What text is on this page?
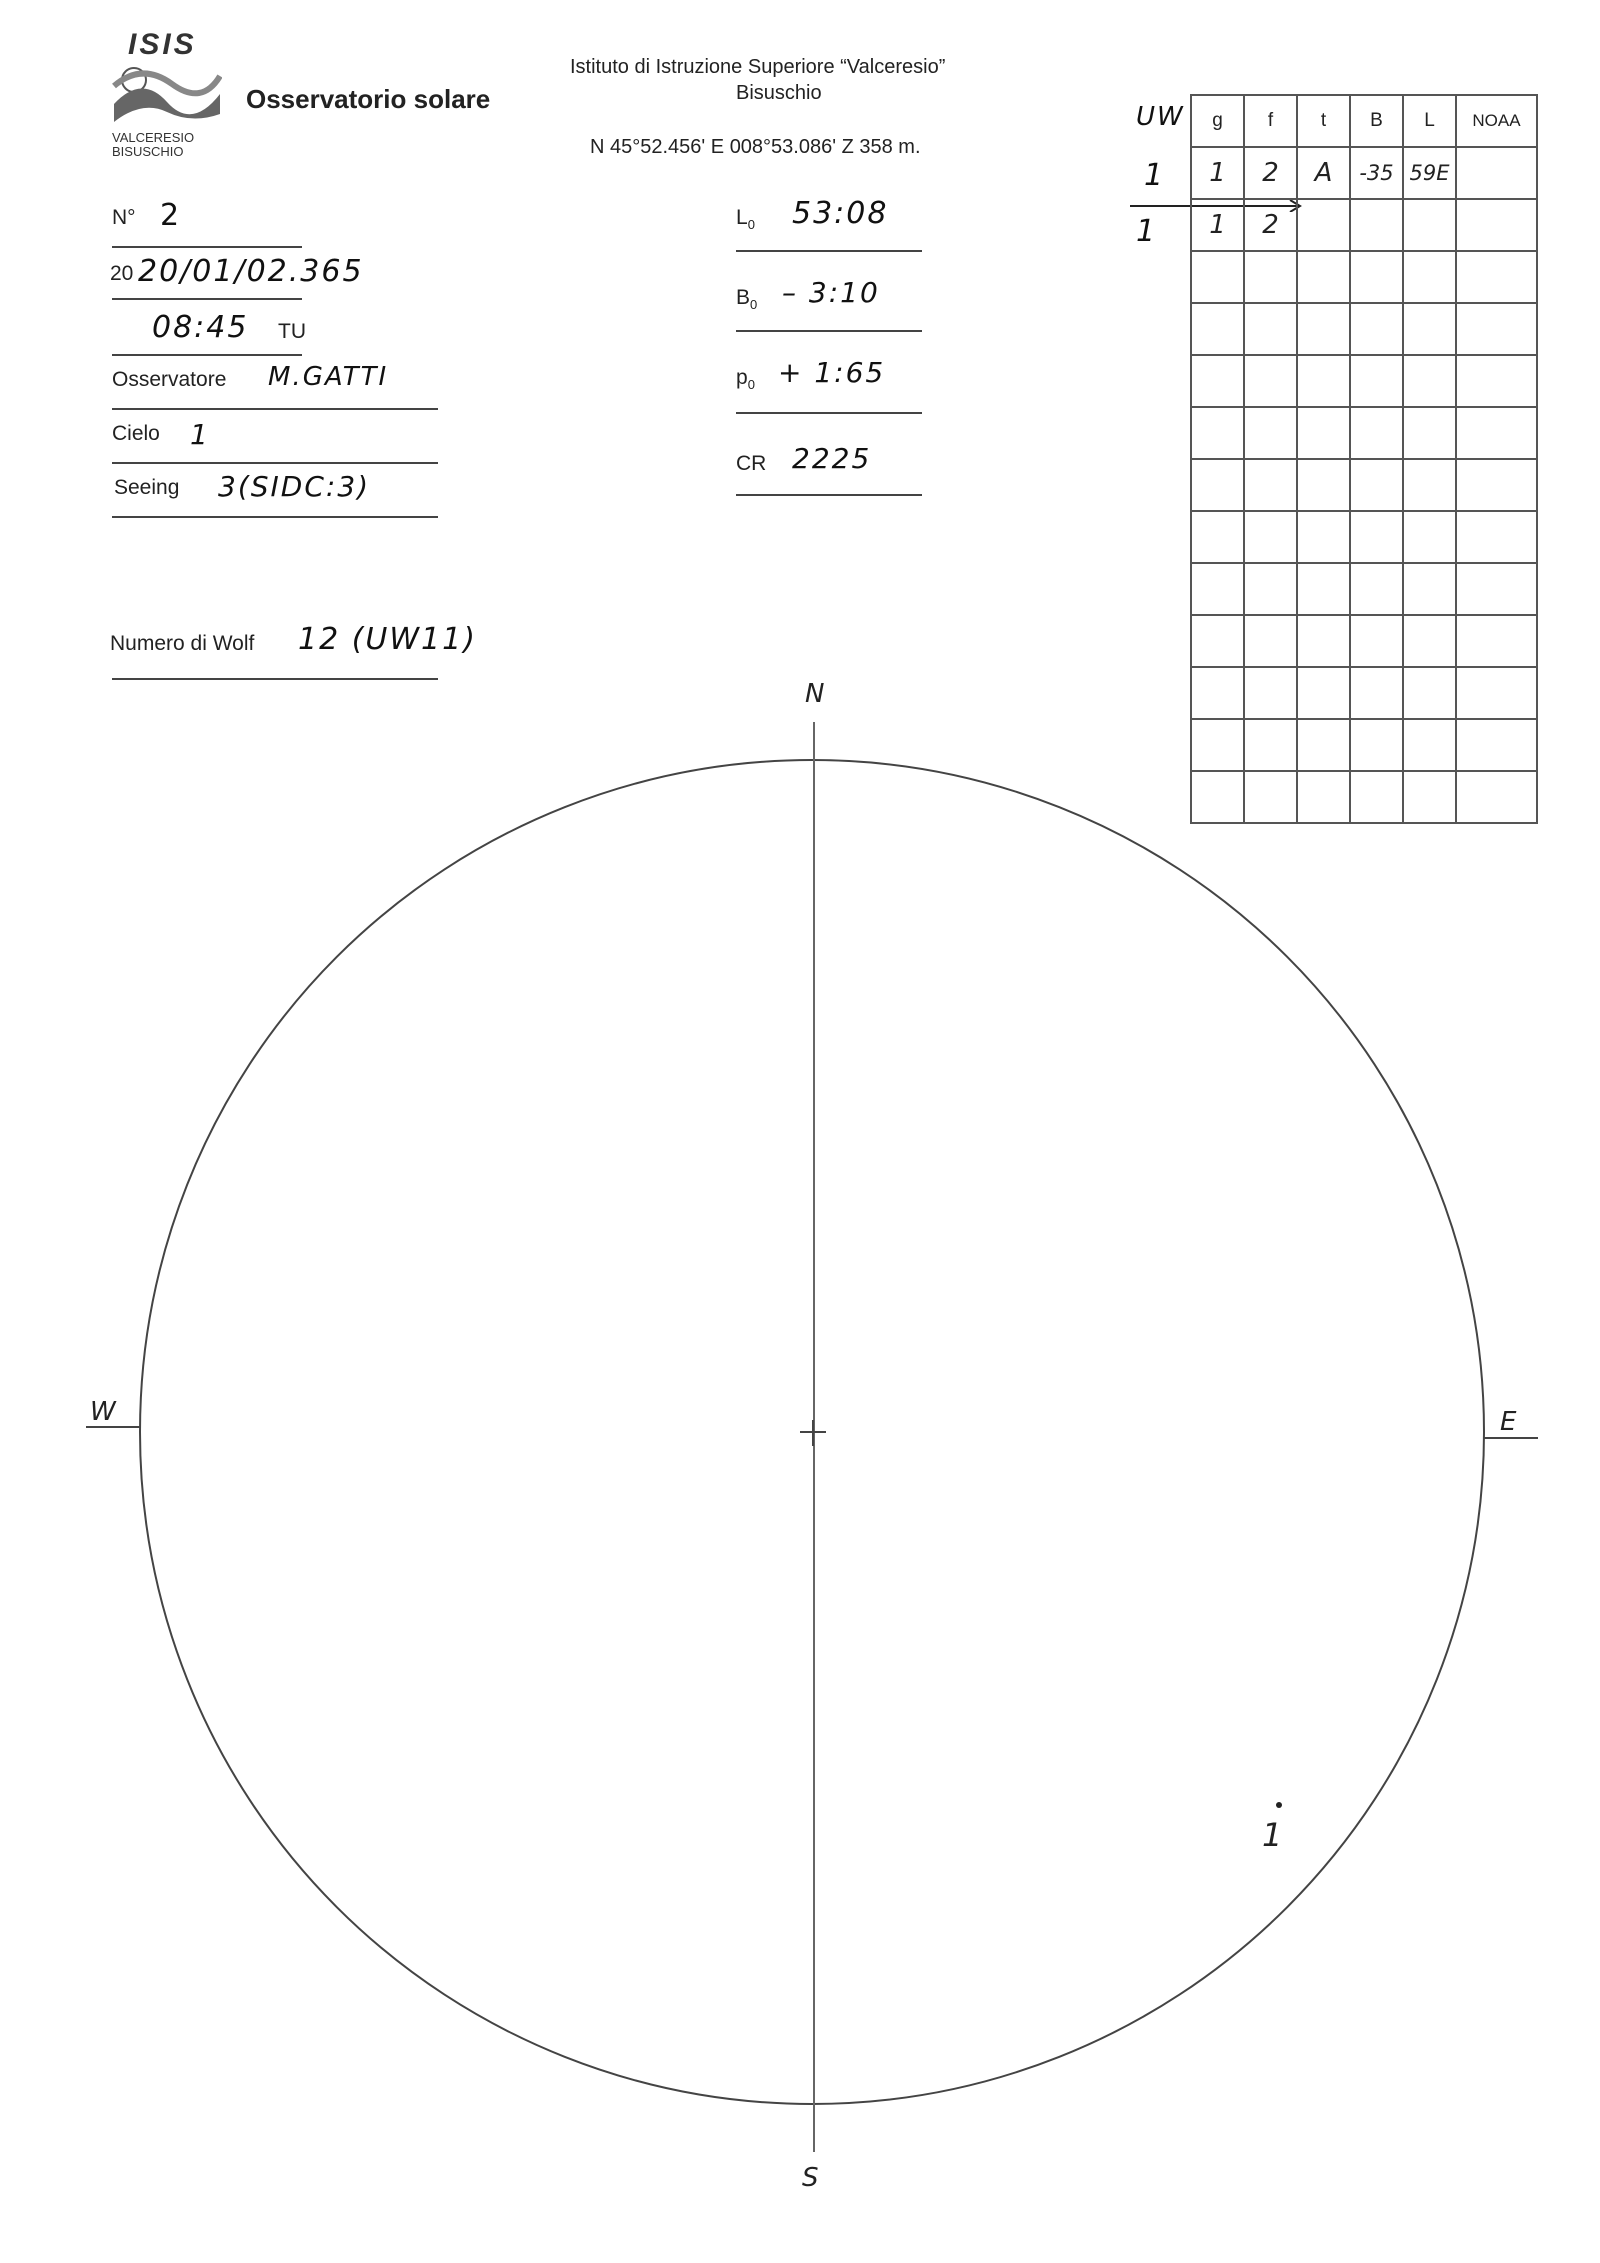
ISIS
VALCERESIO
BISUSCHIO
Osservatorio solare
Istituto di Istruzione Superiore “Valceresio”
Bisuschio
N 45°52.456' E 008°53.086' Z 358 m.
N° 2
20 20/01/02.365
08:45 TU
Osservatore M.GATTI
Cielo 1
Seeing 3(SIDC:3)
Numero di Wolf 12 (UW11)
$L_0$ 53:08
$B_0$ – 3:10
$p_0$ + 1:65
CR 2225
UW
1
1
g	f	t	B	L	NOAA
1	2	A	-35	59E	
1	2				

N
S
W	E
1
